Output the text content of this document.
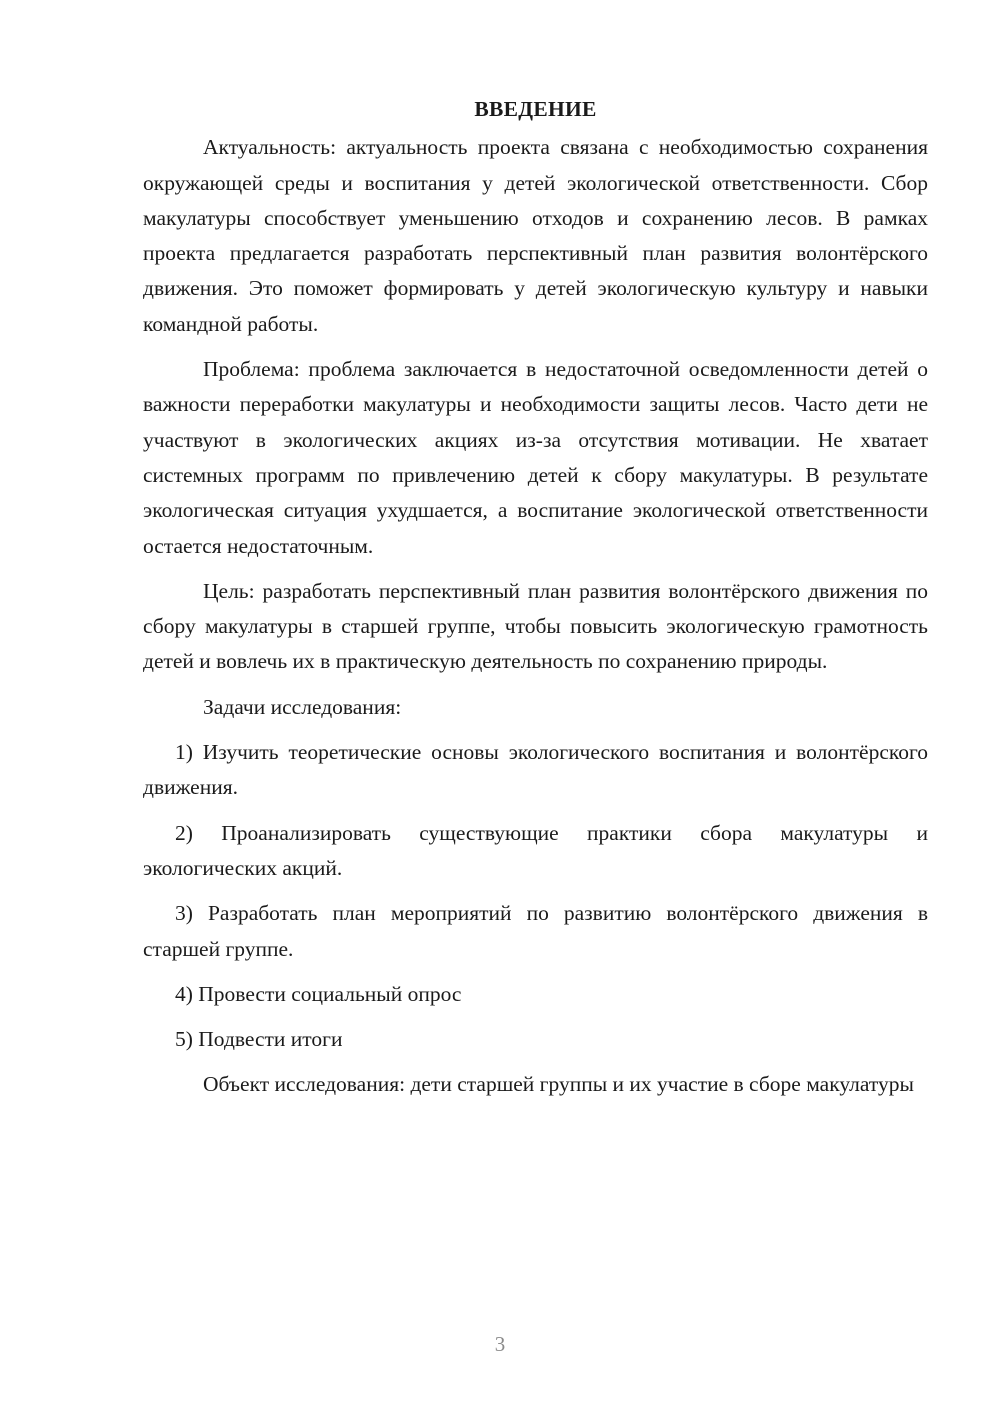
ВВЕДЕНИЕ

Актуальность: актуальность проекта связана с необходимостью сохранения окружающей среды и воспитания у детей экологической ответственности. Сбор макулатуры способствует уменьшению отходов и сохранению лесов. В рамках проекта предлагается разработать перспективный план развития волонтёрского движения. Это поможет формировать у детей экологическую культуру и навыки командной работы.

Проблема: проблема заключается в недостаточной осведомленности детей о важности переработки макулатуры и необходимости защиты лесов. Часто дети не участвуют в экологических акциях из-за отсутствия мотивации. Не хватает системных программ по привлечению детей к сбору макулатуры. В результате экологическая ситуация ухудшается, а воспитание экологической ответственности остается недостаточным.

Цель: разработать перспективный план развития волонтёрского движения по сбору макулатуры в старшей группе, чтобы повысить экологическую грамотность детей и вовлечь их в практическую деятельность по сохранению природы.

Задачи исследования:

1) Изучить теоретические основы экологического воспитания и волонтёрского движения.

2) Проанализировать существующие практики сбора макулатуры и экологических акций.

3) Разработать план мероприятий по развитию волонтёрского движения в старшей группе.

4) Провести социальный опрос

5) Подвести итоги

Объект исследования: дети старшей группы и их участие в сборе макулатуры

3
